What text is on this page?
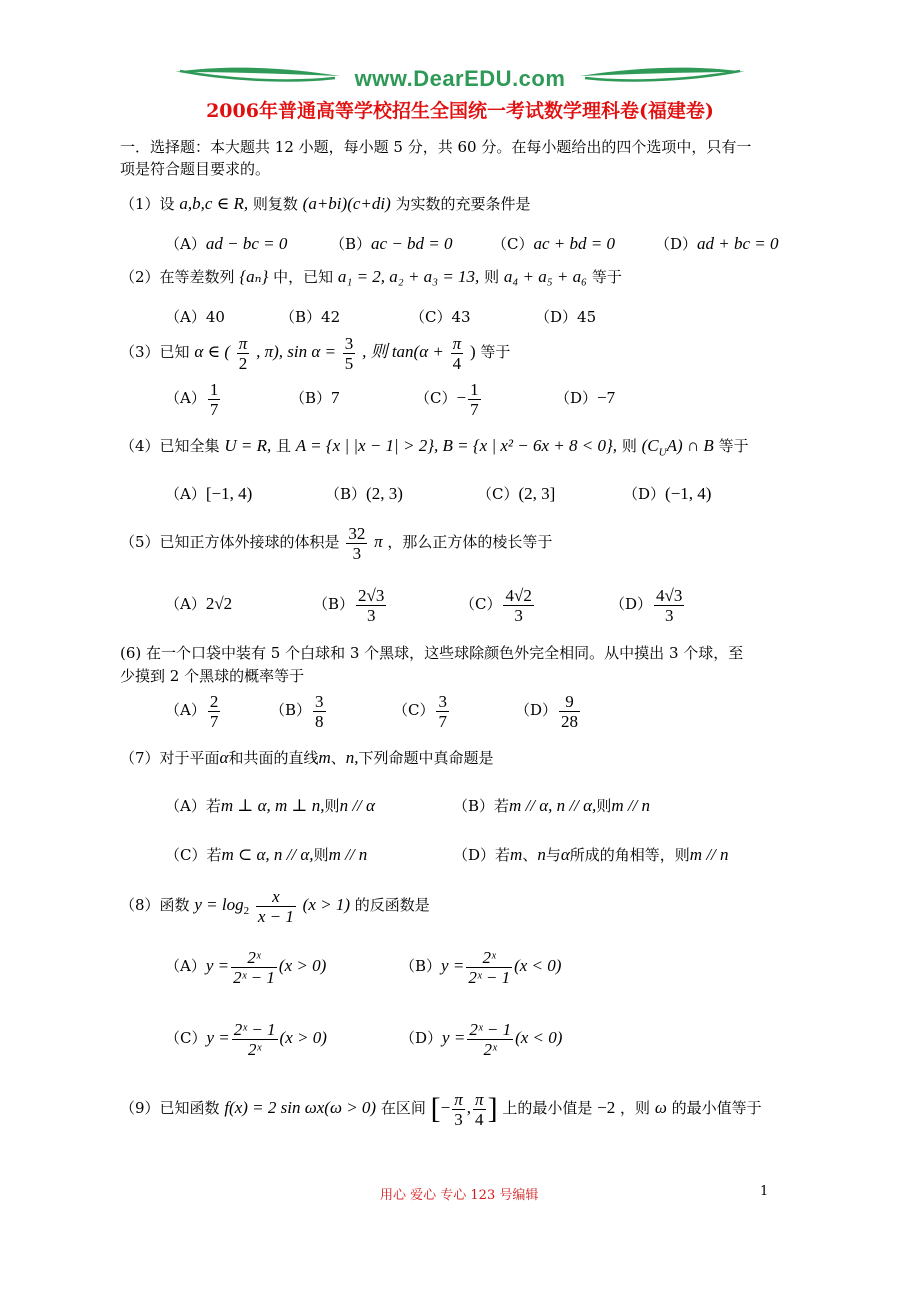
www.DearEDU.com
2006年普通高等学校招生全国统一考试数学理科卷(福建卷)
一．选择题：本大题共 12 小题，每小题 5 分，共 60 分。在每小题给出的四个选项中，只有一
项是符合题目要求的。
（1）设 a,b,c ∈ R, 则复数 (a+bi)(c+di) 为实数的充要条件是
（A）ad − bc = 0	（B）ac − bd = 0	（C）ac + bd = 0	（D）ad + bc = 0
（2）在等差数列 {aₙ} 中，已知 a₁ = 2, a₂ + a₃ = 13, 则 a₄ + a₅ + a₆ 等于
（A）40	（B）42	（C）43	（D）45
（3）已知 α ∈ ( $\frac{\pi}{2}$ , π), $\sin \alpha = \frac{3}{5}$ , 则 $\tan(\alpha + \frac{\pi}{4}$ ) 等于
$(A) \frac{1}{7}$	（B）7	$(C)- \frac{1}{7}$	（D）−7
（4）已知全集 U = R, 且 A = {x | |x − 1| > 2}, B = {x | x² − 6x + 8 < 0}, 则 $(C_UA)$ ∩ B 等于
（A）[−1, 4)	（B）(2, 3)	（C）(2, 3]	（D）(−1, 4)
（5）已知正方体外接球的体积是 $\frac{32}{3}$ π ，那么正方体的棱长等于
（A）2√2	$(B) \frac{2√3}{3}$	$(C) \frac{4√2}{3}$	$(D) \frac{4√3}{3}$
(6) 在一个口袋中装有 5 个白球和 3 个黑球，这些球除颜色外完全相同。从中摸出 3 个球，至
少摸到 2 个黑球的概率等于
$(A) \frac{2}{7}$	$(B) \frac{3}{8}$	$(C) \frac{3}{7}$	$(D) \frac{9}{28}$
（7）对于平面α和共面的直线m、n,下列命题中真命题是
（A）若m ⊥ α, m ⊥ n,则n // α	（B）若m // α, n // α,则m // n
（C）若m ⊂ α, n // α,则m // n	（D）若m、n与α所成的角相等，则m // n
（8）函数 $y = \log_2 \frac{x}{x - 1} (x > 1)$ 的反函数是
$(A)y = \frac{\text{2ˣ}}{\text{2ˣ − 1}} (x > 0)$	$(B)y = \frac{\text{2ˣ}}{\text{2ˣ − 1}} (x < 0)$
$(C)y = \frac{\text{2ˣ − 1}}{\text{2ˣ}} (x > 0)$	$(D)y = \frac{\text{2ˣ − 1}}{\text{2ˣ}} (x < 0)$
（9）已知函数 f(x) = 2 sin ωx(ω > 0) 在区间 [− $\frac{\pi}{3}$ , $\frac{\pi}{4}$ ] 上的最小值是 −2 ，则 ω 的最小值等于
用心 爱心 专心 123 号编辑	1
